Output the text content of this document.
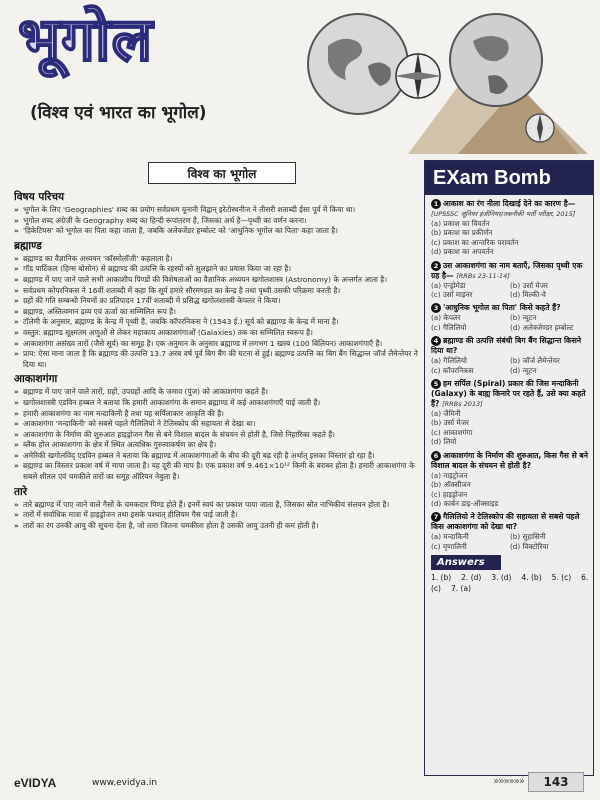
भूगोल
(विश्व एवं भारत का भूगोल)
विश्व का भूगोल
विषय परिचय
» भूगोल के लिए 'Geographies' शब्द का प्रयोग सर्वप्रथम यूनानी विद्वान् इरेटोस्थनीज ने तीसरी शताब्दी ईसा पूर्व में किया था।
» भूगोल शब्द अंग्रेजी के Geography शब्द का हिन्दी रूपांतरण है, जिसका अर्थ है—पृथ्वी का वर्णन करना।
» 'हिकेटियस' को भूगोल का पिता कहा जाता है, जबकि अलेक्जेंडर हम्बोल्ट को 'आधुनिक भूगोल का पिता' कहा जाता है।
ब्रह्माण्ड
» ब्रह्माण्ड का वैज्ञानिक अध्ययन 'कॉस्मोलॉजी' कहलाता है।
» गॉड पार्टिकल (हिग्स बोसोन) से ब्रह्माण्ड की उत्पत्ति के रहस्यों को सुलझाने का प्रयास किया जा रहा है।
» ब्रह्माण्ड में पाए जाने वाले सभी आकाशीय पिण्डों की विशेषताओं का वैज्ञानिक अध्ययन खगोलशास्त्र (Astronomy) के अन्तर्गत आता है।
» सर्वप्रथम कोपरनिकस ने 16वीं शताब्दी में कहा कि सूर्य हमारे सौरमण्डल का केन्द्र है तथा पृथ्वी उसकी परिक्रमा करती है।
» ग्रहों की गति सम्बन्धी नियमों का प्रतिपादन 17वीं शताब्दी में प्रसिद्ध खगोलशास्त्री केपलर ने किया।
» ब्रह्माण्ड, अस्तित्वमान द्रव्य एवं ऊर्जा का सम्मिलित रूप है।
» टॉलेमी के अनुसार, ब्रह्माण्ड के केन्द्र में पृथ्वी है, जबकि कॉपरनिकस ने (1543 ई.) सूर्य को ब्रह्माण्ड के केन्द्र में माना है।
» वस्तुत: ब्रह्माण्ड सूक्ष्मतम अणुओं से लेकर महाकाय आकाशगंगाओं (Galaxies) तक का सम्मिलित स्वरूप है।
» आकाशगंगा असंख्य तारों (जैसे सूर्य) का समूह है। एक अनुमान के अनुसार ब्रह्माण्ड में लगभग 1 खरब (100 बिलियन) आकाशगंगाएँ हैं।
» प्राय: ऐसा माना जाता है कि ब्रह्माण्ड की उत्पत्ति 13.7 अरब वर्ष पूर्व बिग बैंग की घटना से हुई। ब्रह्माण्ड उत्पत्ति का बिग बैंग सिद्धान्त जॉर्ज लैमेन्तेयर ने दिया था।
आकाशगंगा
» ब्रह्माण्ड में पाए जाने वाले तारों, ग्रहों, उपग्रहों आदि के जमाव (पुंज) को आकाशगंगा कहते हैं।
» खगोलशास्त्री एडविन हब्बल ने बताया कि हमारी आकाशगंगा के समान ब्रह्माण्ड में कई आकाशगंगाएँ पाई जाती हैं।
» हमारी आकाशगंगा का नाम मन्दाकिनी है तथा यह सर्पिलाकार आकृति की है।
» आकाशगंगा 'मन्दाकिनी' को सबसे पहले गैलिलियो ने टेलिस्कोप की सहायता से देखा था।
» आकाशगंगा के निर्माण की शुरुआत हाइड्रोजन गैस से बने विशाल बादल के संचयन से होती है, जिसे निहारिका कहते हैं।
» ब्लैक होल आकाशगंगा के क्षेत्र में स्थित अत्यधिक गुरुत्वाकर्षण का क्षेत्र है।
» अमेरिकी खगोलविद् एडविन हब्बल ने बताया कि ब्रह्माण्ड में आकाशगंगाओं के बीच की दूरी बढ़ रही है अर्थात् इसका विस्तार हो रहा है।
» ब्रह्माण्ड का विस्तार प्रकाश वर्ष में मापा जाता है। यह दूरी की माप है। एक प्रकाश वर्ष 9.461×10¹² किमी के बराबर होता है। हमारी आकाशगंगा के सबसे शीतल एवं चमकीले तारों का समूह ऑरियन नेबुला है।
तारे
» तारे ब्रह्माण्ड में पाए जाने वाले गैसों के चमकदार पिण्ड होते हैं। इनमें स्वयं का प्रकाश पाया जाता है, जिसका स्रोत नाभिकीय संलयन होता है।
» तारों में सर्वाधिक मात्रा में हाइड्रोजन तथा इसके पश्चात् हीलियम गैस पाई जाती है।
» तारों का रंग उनकी आयु की सूचना देता है, जो तारा जितना चमकीला होता है उसकी आयु उतनी ही कम होती है।
EXam Bomb
1 आकाश का रंग नीला दिखाई देने का कारण है— [UPSSSC जूनियर इंजीनियर/तकनीकी भर्ती परीक्षा, 2015]
(a) प्रकाश का विवर्तन
(b) प्रकाश का प्रकीर्णन
(c) प्रकाश का आन्तरिक परावर्तन
(d) प्रकाश का अपवर्तन
2 उस आकाशगंगा का नाम बताएँ, जिसका पृथ्वी एक ग्रह है— [RRBs 23-11-14]
(a) एन्ड्रोमेडा	(b) उर्सा मेजर
(c) उर्सा माइनर	(d) मिल्की-वे
3 'आधुनिक भूगोल का पिता' किसे कहते हैं?
(a) केपलर	(b) न्यूटन
(c) गैलिलियो	(d) अलेक्जेण्डर हम्बोल्ट
4 ब्रह्माण्ड की उत्पत्ति संबंधी बिग बैंग सिद्धान्त किसने दिया था?
(a) गैलिलियो	(b) जॉर्ज लैमेन्तेयर
(c) कॉपरनिकस	(d) न्यूटन
5 हम सर्पिल (Spiral) प्रकार की जिस मन्दाकिनी (Galaxy) के बाह्य किनारे पर रहते हैं, उसे क्या कहते हैं? [RRBs 2013]
(a) जैमिनी
(b) उर्सा मेजर
(c) आकाशगंगा
(d) लियो
6 आकाशगंगा के निर्माण की शुरुआत, किस गैस से बने विशाल बादल के संचयन से होती है?
(a) नाइट्रोजन
(b) ऑक्सीजन
(c) हाइड्रोजन
(d) कार्बन डाइ-ऑक्साइड
7 गैलिलियो ने टेलिस्कोप की सहायता से सबसे पहले किस आकाशगंगा को देखा था?
(a) मन्दाकिनी	(b) सुहासिनी
(c) मृणालिनी	(d) विक्टोरिया
Answers
1. (b) 2. (d) 3. (d) 4. (b) 5. (c) 6. (c) 7. (a)
eVIDYA	www.evidya.in	»»»»»»	143
